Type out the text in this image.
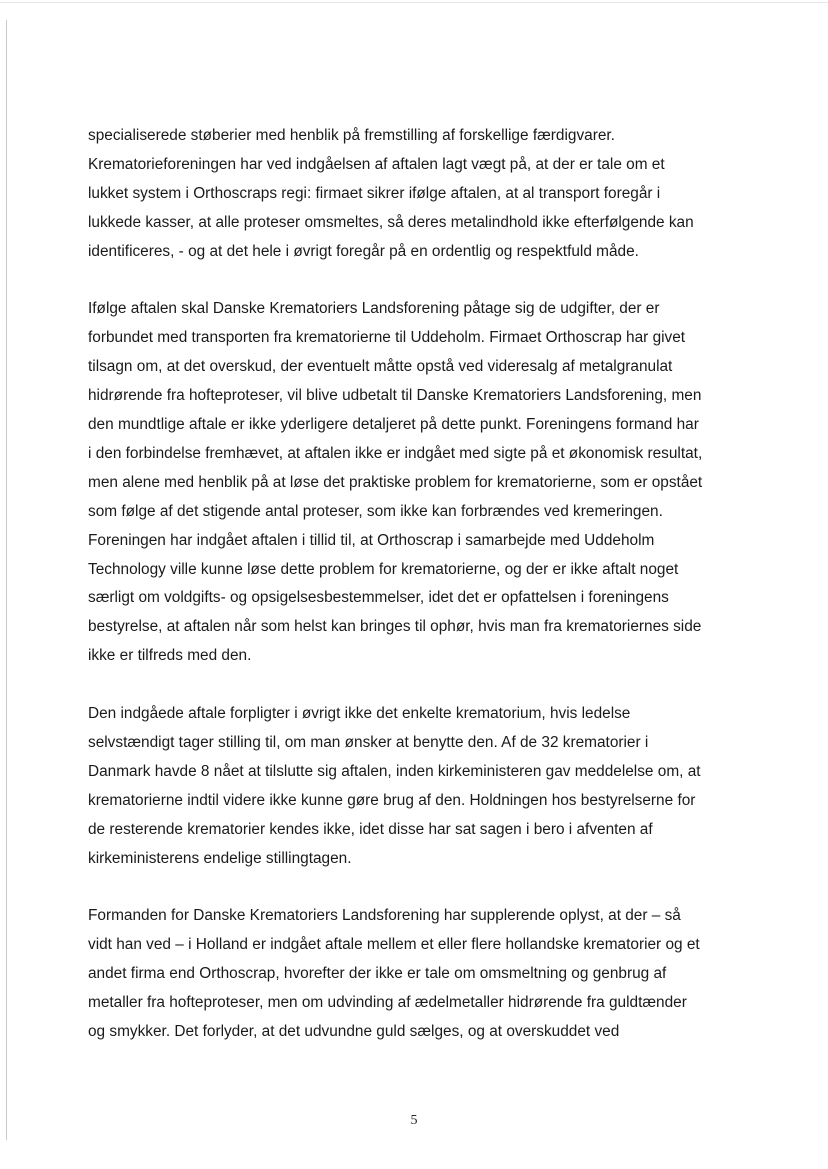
specialiserede støberier med henblik på fremstilling af forskellige færdigvarer.
Krematorieforeningen har ved indgåelsen af aftalen lagt vægt på, at der er tale om et
lukket system i Orthoscraps regi: firmaet sikrer ifølge aftalen, at al transport foregår i
lukkede kasser, at alle proteser omsmeltes, så deres metalindhold ikke efterfølgende kan
identificeres, - og at det hele i øvrigt foregår på en ordentlig og respektfuld måde.

Ifølge aftalen skal Danske Krematoriers Landsforening påtage sig de udgifter, der er
forbundet med transporten fra krematorierne til Uddeholm. Firmaet Orthoscrap har givet
tilsagn om, at det overskud, der eventuelt måtte opstå ved videresalg af metalgranulat
hidrørende fra hofteproteser, vil blive udbetalt til Danske Krematoriers Landsforening, men
den mundtlige aftale er ikke yderligere detaljeret på dette punkt. Foreningens formand har
i den forbindelse fremhævet, at aftalen ikke er indgået med sigte på et økonomisk resultat,
men alene med henblik på at løse det praktiske problem for krematorierne, som er opstået
som følge af det stigende antal proteser, som ikke kan forbrændes ved kremeringen.
Foreningen har indgået aftalen i tillid til, at Orthoscrap i samarbejde med Uddeholm
Technology ville kunne løse dette problem for krematorierne, og der er ikke aftalt noget
særligt om voldgifts- og opsigelsesbestemmelser, idet det er opfattelsen i foreningens
bestyrelse, at aftalen når som helst kan bringes til ophør, hvis man fra krematoriernes side
ikke er tilfreds med den.

Den indgåede aftale forpligter i øvrigt ikke det enkelte krematorium, hvis ledelse
selvstændigt tager stilling til, om man ønsker at benytte den. Af de 32 krematorier i
Danmark havde 8 nået at tilslutte sig aftalen, inden kirkeministeren gav meddelelse om, at
krematorierne indtil videre ikke kunne gøre brug af den. Holdningen hos bestyrelserne for
de resterende krematorier kendes ikke, idet disse har sat sagen i bero i afventen af
kirkeministerens endelige stillingtagen.

Formanden for Danske Krematoriers Landsforening har supplerende oplyst, at der – så
vidt han ved – i Holland er indgået aftale mellem et eller flere hollandske krematorier og et
andet firma end Orthoscrap, hvorefter der ikke er tale om omsmeltning og genbrug af
metaller fra hofteproteser, men om udvinding af ædelmetaller hidrørende fra guldtænder
og smykker. Det forlyder, at det udvundne guld sælges, og at overskuddet ved

5
